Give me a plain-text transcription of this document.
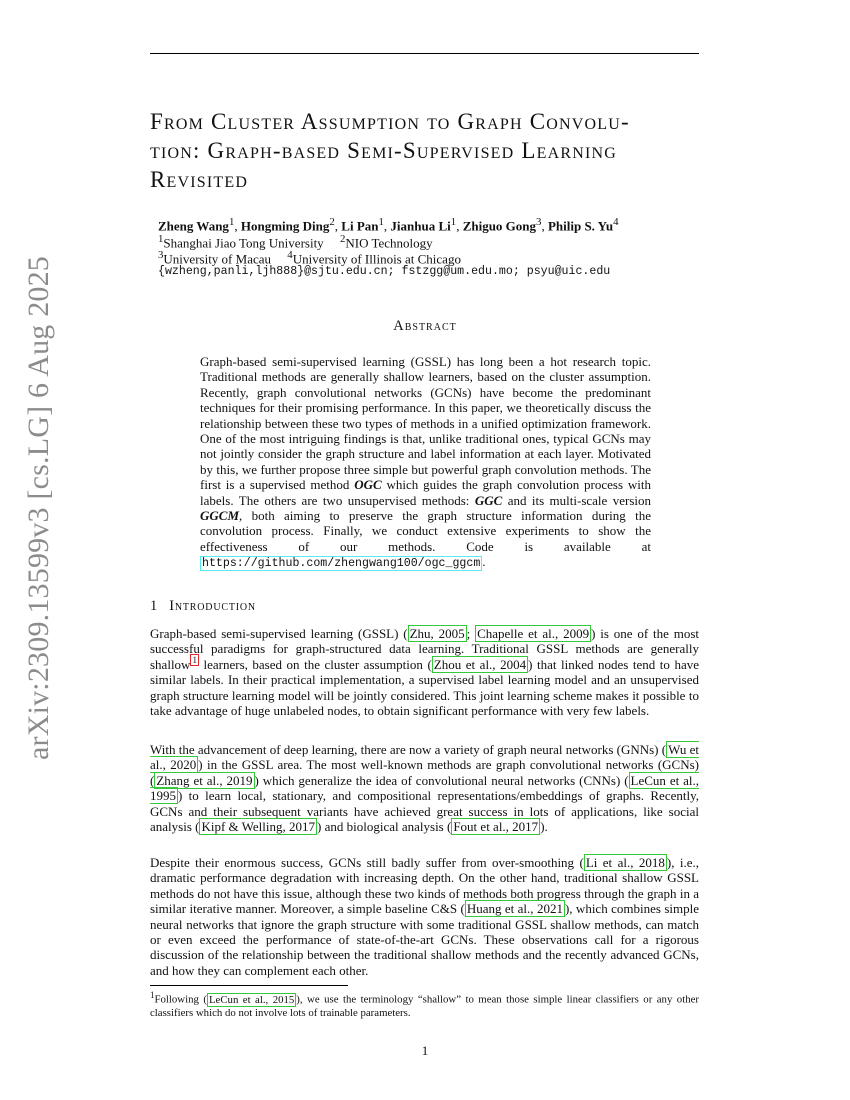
arXiv:2309.13599v3 [cs.LG] 6 Aug 2025
From Cluster Assumption to Graph Convolu-
tion: Graph-based Semi-Supervised Learning
Revisited
Zheng Wang$^1$, Hongming Ding$^2$, Li Pan$^1$, Jianhua Li$^1$, Zhiguo Gong$^3$, Philip S. Yu$^4$
$^1$Shanghai Jiao Tong University $^2$NIO Technology
$^3$University of Macau $^4$University of Illinois at Chicago
{wzheng,panli,ljh888}@sjtu.edu.cn; fstzgg@um.edu.mo; psyu@uic.edu
Abstract
Graph-based semi-supervised learning (GSSL) has long been a hot research topic. Traditional methods are generally shallow learners, based on the cluster assumption. Recently, graph convolutional networks (GCNs) have become the predominant techniques for their promising performance. In this paper, we theoretically discuss the relationship between these two types of methods in a unified optimization framework. One of the most intriguing findings is that, unlike traditional ones, typical GCNs may not jointly consider the graph structure and label information at each layer. Motivated by this, we further propose three simple but powerful graph convolution methods. The first is a supervised method OGC which guides the graph convolution process with labels. The others are two unsupervised methods: GGC and its multi-scale version GGCM, both aiming to preserve the graph structure information during the convolution process. Finally, we conduct extensive experiments to show the effectiveness of our methods. Code is available at https://github.com/zhengwang100/ogc_ggcm .
1 Introduction
Graph-based semi-supervised learning (GSSL) ( Zhu, 2005 ; Chapelle et al., 2009 ) is one of the most successful paradigms for graph-structured data learning. Traditional GSSL methods are generally shallow $^1$ learners, based on the cluster assumption ( Zhou et al., 2004 ) that linked nodes tend to have similar labels. In their practical implementation, a supervised label learning model and an unsupervised graph structure learning model will be jointly considered. This joint learning scheme makes it possible to take advantage of huge unlabeled nodes, to obtain significant performance with very few labels.
With the advancement of deep learning, there are now a variety of graph neural networks (GNNs) ( Wu et al., 2020 ) in the GSSL area. The most well-known methods are graph convolutional networks (GCNs) ( Zhang et al., 2019 ) which generalize the idea of convolutional neural networks (CNNs) ( LeCun et al., 1995 ) to learn local, stationary, and compositional representations/embeddings of graphs. Recently, GCNs and their subsequent variants have achieved great success in lots of applications, like social analysis ( Kipf & Welling, 2017 ) and biological analysis ( Fout et al., 2017 ).
Despite their enormous success, GCNs still badly suffer from over-smoothing ( Li et al., 2018 ), i.e., dramatic performance degradation with increasing depth. On the other hand, traditional shallow GSSL methods do not have this issue, although these two kinds of methods both progress through the graph in a similar iterative manner. Moreover, a simple baseline C&S ( Huang et al., 2021 ), which combines simple neural networks that ignore the graph structure with some traditional GSSL shallow methods, can match or even exceed the performance of state-of-the-art GCNs. These observations call for a rigorous discussion of the relationship between the traditional shallow methods and the recently advanced GCNs, and how they can complement each other.
$^1$Following ( LeCun et al., 2015 ), we use the terminology “shallow” to mean those simple linear classifiers or any other classifiers which do not involve lots of trainable parameters.
1
